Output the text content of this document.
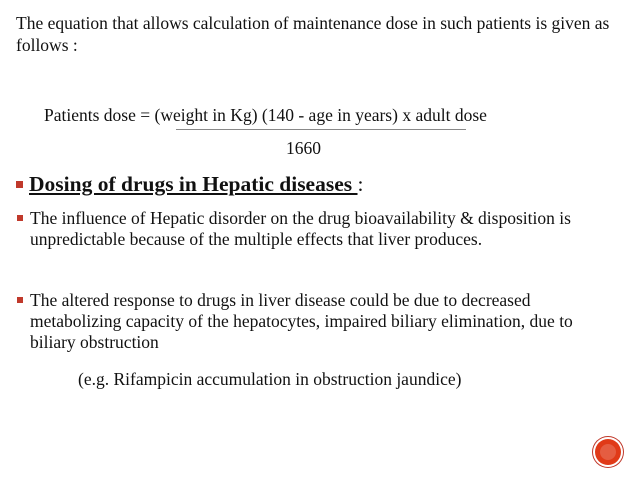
The equation that allows calculation of maintenance dose in such patients is given as follows :
Patients dose = (weight in Kg) (140 - age in years) x adult dose
1660
Dosing of drugs in Hepatic diseases :
The influence of Hepatic disorder on the drug bioavailability & disposition is unpredictable because of the multiple effects that liver produces.
The altered response to drugs in liver disease could be due to decreased metabolizing capacity of the hepatocytes, impaired biliary elimination, due to biliary obstruction
(e.g. Rifampicin accumulation in obstruction jaundice)
